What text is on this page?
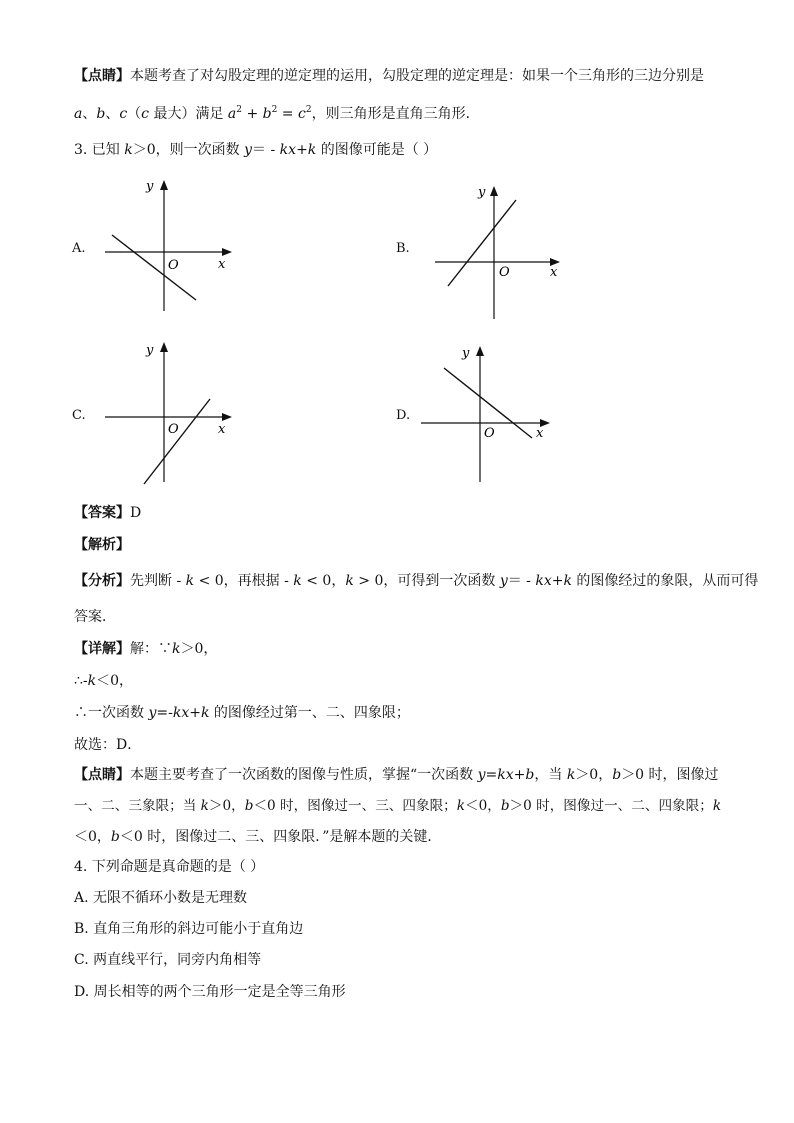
【点睛】本题考查了对勾股定理的逆定理的运用，勾股定理的逆定理是：如果一个三角形的三边分别是
a、b、c（c 最大）满足 $a^2 + b^2 = c^2$，则三角形是直角三角形．
3. 已知 k＞0，则一次函数 y＝ - kx+k 的图像可能是（ ）
A.
y
x
O
B.
y
x
O
C.
y
x
O
D.
y
x
O
【答案】D
【解析】
【分析】先判断 - k < 0，再根据 - k < 0，k > 0，可得到一次函数 y＝ - kx+k 的图像经过的象限，从而可得
答案．
【详解】解：∵k＞0，
∴-k＜0，
∴一次函数 y=-kx+k 的图像经过第一、二、四象限；
故选：D．
【点睛】本题主要考查了一次函数的图像与性质，掌握“一次函数 y=kx+b，当 k＞0，b＞0 时，图像过
一、二、三象限；当 k＞0，b＜0 时，图像过一、三、四象限；k＜0，b＞0 时，图像过一、二、四象限；k
＜0，b＜0 时，图像过二、三、四象限．”是解本题的关键．
4. 下列命题是真命题的是（ ）
A. 无限不循环小数是无理数
B. 直角三角形的斜边可能小于直角边
C. 两直线平行，同旁内角相等
D. 周长相等的两个三角形一定是全等三角形
